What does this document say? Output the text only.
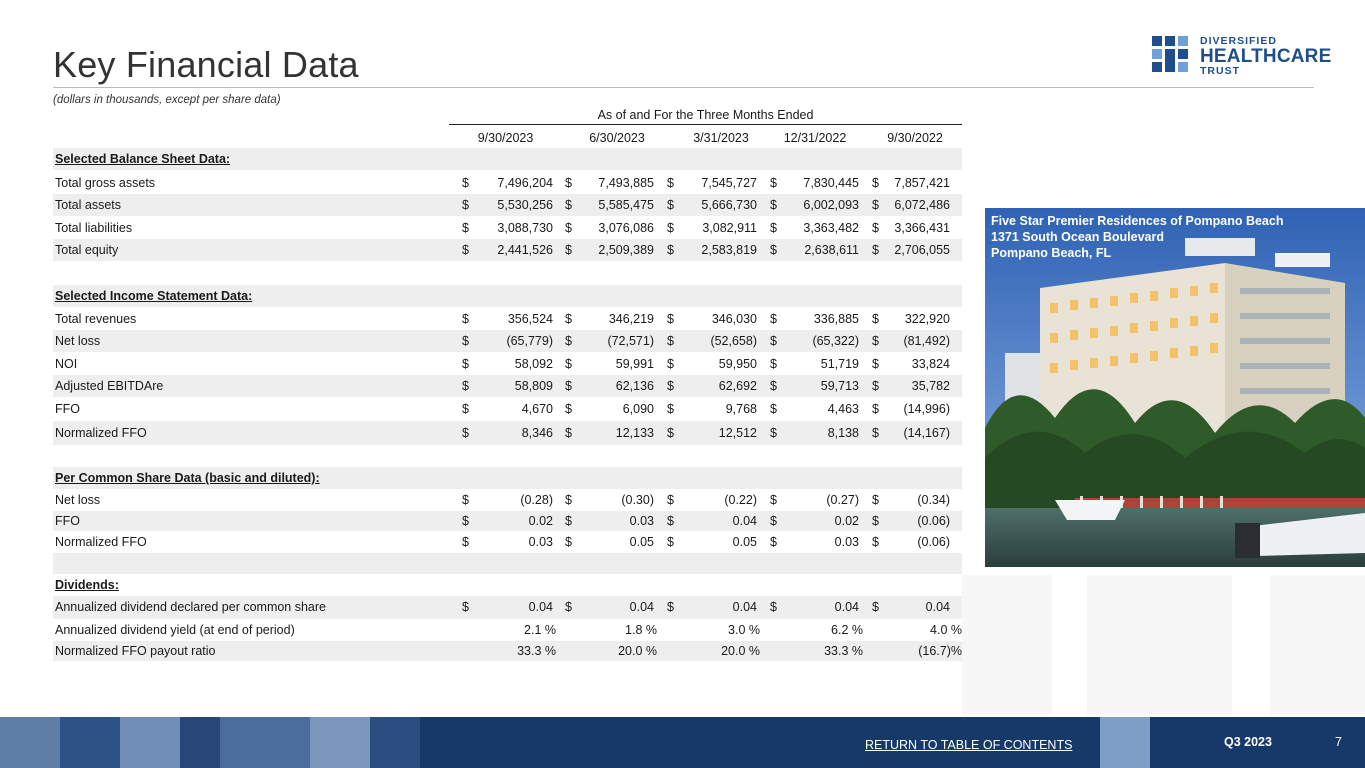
Key Financial Data
(dollars in thousands, except per share data)
DIVERSIFIED
HEALTHCARE
TRUST
As of and For the Three Months Ended
9/30/2023	6/30/2023	3/31/2023	12/31/2022	9/30/2022
Selected Balance Sheet Data:
Total gross assets	$ 7,496,204 $ 7,493,885 $ 7,545,727 $ 7,830,445 $ 7,857,421
Total assets	$ 5,530,256 $ 5,585,475 $ 5,666,730 $ 6,002,093 $ 6,072,486
Total liabilities	$ 3,088,730 $ 3,076,086 $ 3,082,911 $ 3,363,482 $ 3,366,431
Total equity	$ 2,441,526 $ 2,509,389 $ 2,583,819 $ 2,638,611 $ 2,706,055
Selected Income Statement Data:
Total revenues	$	356,524 $	346,219 $	346,030 $	336,885 $ 322,920
Net loss	$	(65,779) $	(72,571) $	(52,658) $	(65,322) $ (81,492)
NOI	$	58,092 $	59,991 $	59,950 $	51,719 $	33,824
Adjusted EBITDAre	$	58,809 $	62,136 $	62,692 $	59,713 $	35,782
FFO	$	4,670 $	6,090 $	9,768 $	4,463 $ (14,996)
Normalized FFO	$	8,346 $	12,133 $	12,512 $	8,138 $ (14,167)
Per Common Share Data (basic and diluted):
Net loss	$	(0.28) $	(0.30) $	(0.22) $	(0.27) $	(0.34)
FFO	$	0.02 $	0.03 $	0.04 $	0.02 $	(0.06)
Normalized FFO	$	0.03 $	0.05 $	0.05 $	0.03 $	(0.06)
Dividends:
Annualized dividend declared per common share	$	0.04 $	0.04 $	0.04 $	0.04 $	0.04
Annualized dividend yield (at end of period)	2.1 %	1.8 %	3.0 %	6.2 %	4.0 %
Normalized FFO payout ratio	33.3 %	20.0 %	20.0 %	33.3 %	(16.7)%
Five Star Premier Residences of Pompano Beach
1371 South Ocean Boulevard
Pompano Beach, FL
RETURN TO TABLE OF CONTENTS	Q3 2023	7
